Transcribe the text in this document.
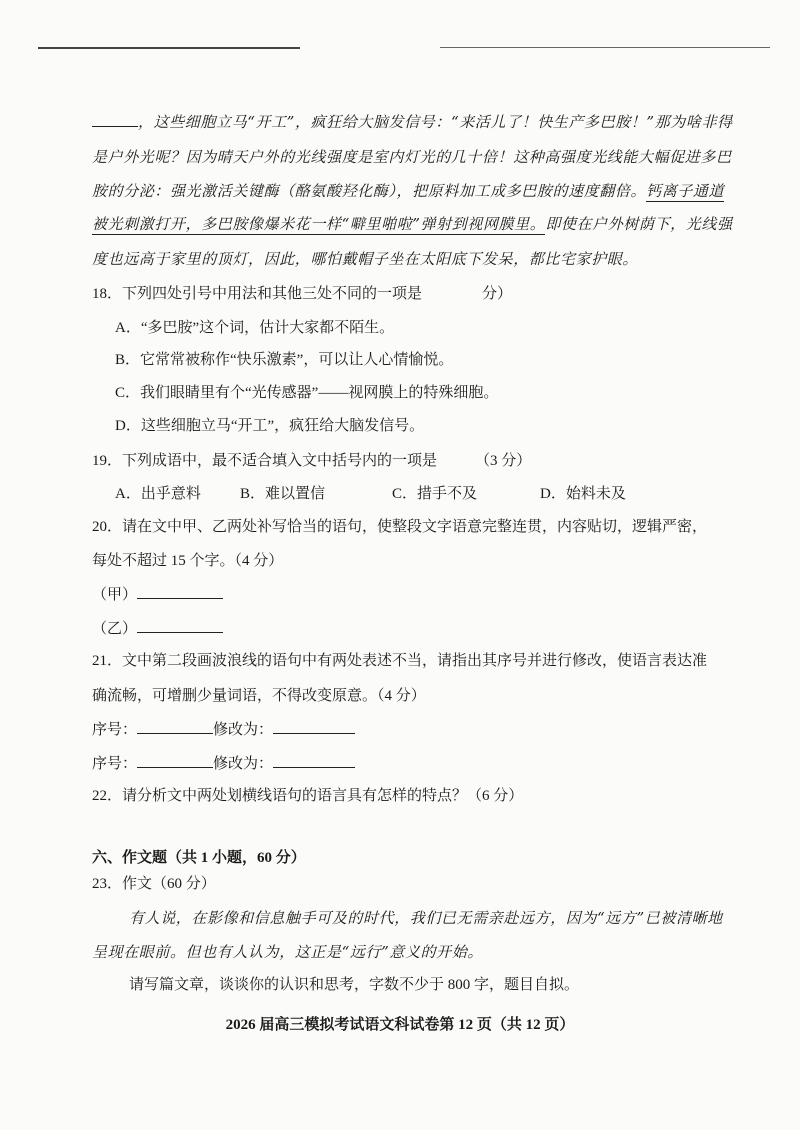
，这些细胞立马“开工”，疯狂给大脑发信号：“来活儿了！快生产多巴胺！”那为啥非得
是户外光呢？因为晴天户外的光线强度是室内灯光的几十倍！这种高强度光线能大幅促进多巴
胺的分泌：强光激活关键酶（酪氨酸羟化酶），把原料加工成多巴胺的速度翻倍。钙离子通道
被光刺激打开，多巴胺像爆米花一样“噼里啪啦”弹射到视网膜里。即使在户外树荫下，光线强
度也远高于家里的顶灯，因此，哪怕戴帽子坐在太阳底下发呆，都比宅家护眼。
18．下列四处引号中用法和其他三处不同的一项是	分）
A．“多巴胺”这个词，估计大家都不陌生。
B．它常常被称作“快乐激素”，可以让人心情愉悦。
C．我们眼睛里有个“光传感器”——视网膜上的特殊细胞。
D．这些细胞立马“开工”，疯狂给大脑发信号。
19．下列成语中，最不适合填入文中括号内的一项是	（3 分）
A．出乎意料	B．难以置信	C．措手不及	D．始料未及
20．请在文中甲、乙两处补写恰当的语句，使整段文字语意完整连贯，内容贴切，逻辑严密，
每处不超过 15 个字。（4 分）
（甲）
（乙）
21．文中第二段画波浪线的语句中有两处表述不当，请指出其序号并进行修改，使语言表达准
确流畅，可增删少量词语，不得改变原意。（4 分）
序号：	修改为：
序号：	修改为：
22．请分析文中两处划横线语句的语言具有怎样的特点？（6 分）
六、作文题（共 1 小题，60 分）
23．作文（60 分）
有人说，在影像和信息触手可及的时代，我们已无需亲赴远方，因为“远方”已被清晰地
呈现在眼前。但也有人认为，这正是“远行”意义的开始。
请写篇文章，谈谈你的认识和思考，字数不少于 800 字，题目自拟。
2026 届高三模拟考试语文科试卷第 12 页（共 12 页）
